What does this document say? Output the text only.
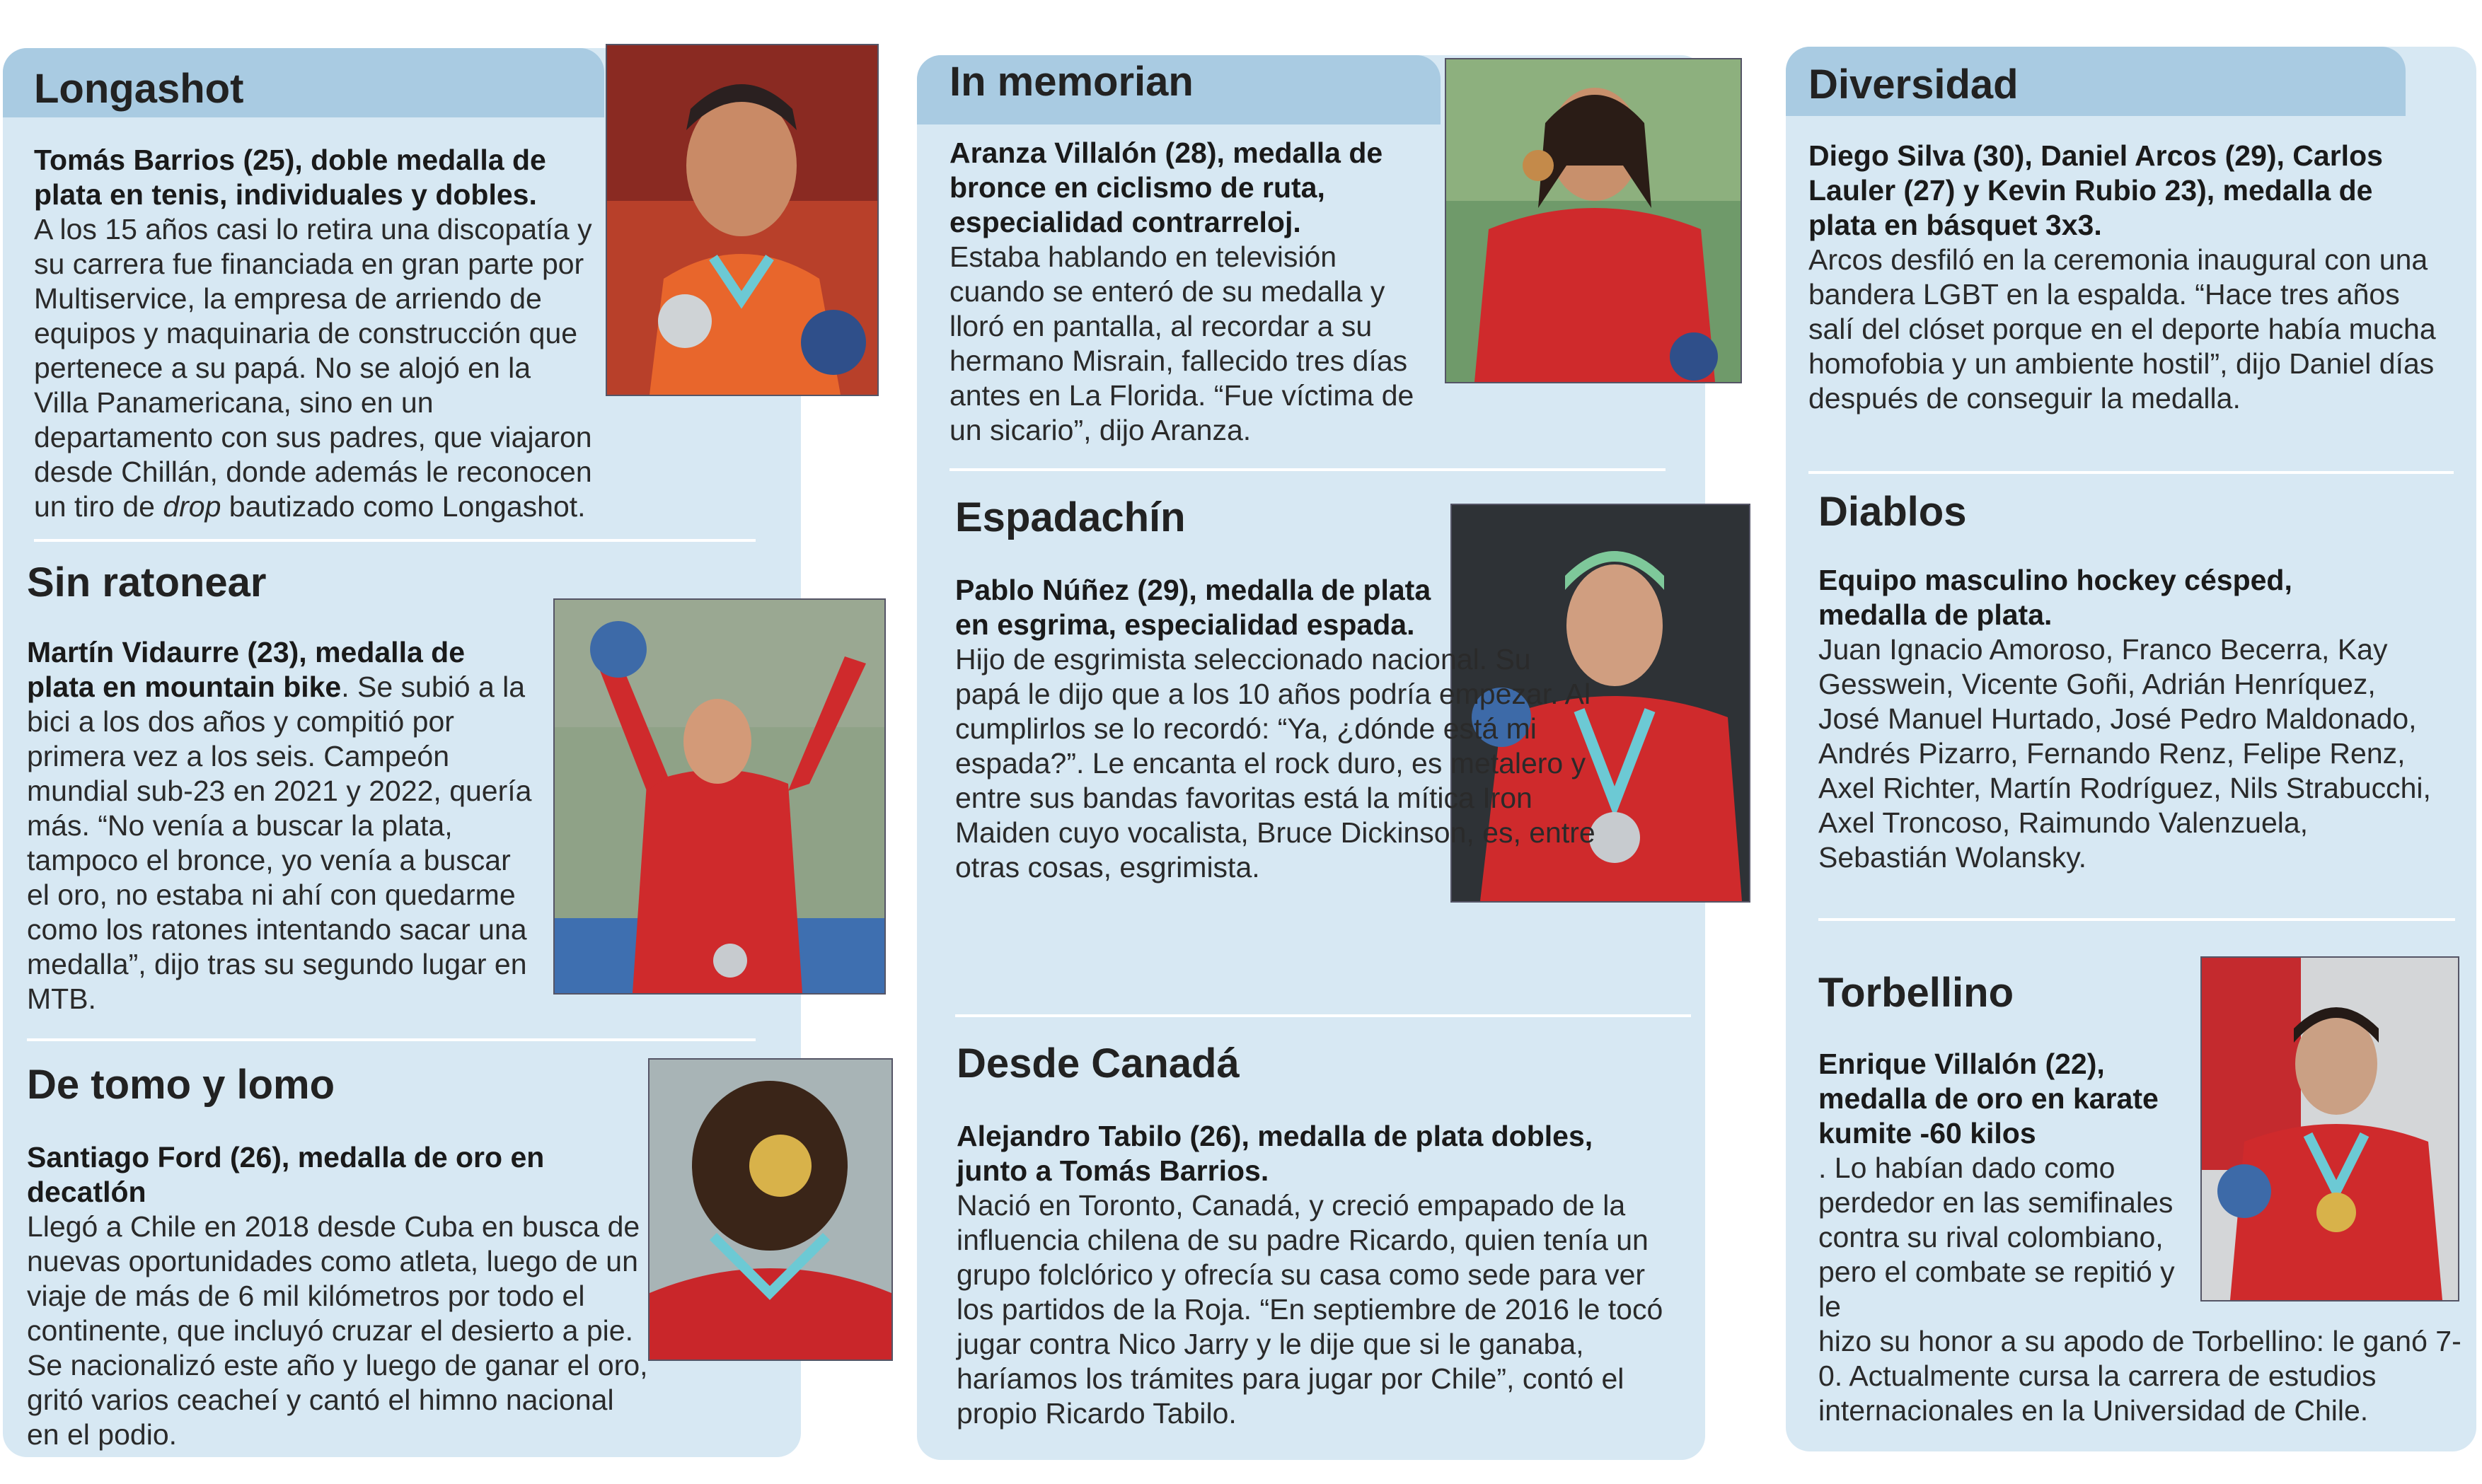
Longashot
Tomás Barrios (25), doble medalla de plata en tenis, individuales y dobles.
A los 15 años casi lo retira una discopatía y su carrera fue financiada en gran parte por Multiservice, la empresa de arriendo de equipos y maquinaria de construcción que pertenece a su papá. No se alojó en la Villa Panamericana, sino en un departamento con sus padres, que viajaron desde Chillán, donde además le reconocen un tiro de drop bautizado como Longashot.
Sin ratonear
Martín Vidaurre (23), medalla de plata en mountain bike. Se subió a la bici a los dos años y compitió por primera vez a los seis. Campeón mundial sub-23 en 2021 y 2022, quería más. “No venía a buscar la plata, tampoco el bronce, yo venía a buscar el oro, no estaba ni ahí con quedarme como los ratones intentando sacar una medalla”, dijo tras su segundo lugar en MTB.
De tomo y lomo
Santiago Ford (26), medalla de oro en decatlón
Llegó a Chile en 2018 desde Cuba en busca de nuevas oportunidades como atleta, luego de un viaje de más de 6 mil kilómetros por todo el continente, que incluyó cruzar el desierto a pie. Se nacionalizó este año y luego de ganar el oro, gritó varios ceacheí y cantó el himno nacional en el podio.
In memorian
Aranza Villalón (28), medalla de bronce en ciclismo de ruta, especialidad contrarreloj.
Estaba hablando en televisión cuando se enteró de su medalla y lloró en pantalla, al recordar a su hermano Misrain, fallecido tres días antes en La Florida. “Fue víctima de un sicario”, dijo Aranza.
Espadachín
Pablo Núñez (29), medalla de plata en esgrima, especialidad espada.
Hijo de esgrimista seleccionado nacional. Su papá le dijo que a los 10 años podría empezar. Al cumplirlos se lo recordó: “Ya, ¿dónde está mi espada?”. Le encanta el rock duro, es metalero y entre sus bandas favoritas está la mítica Iron Maiden cuyo vocalista, Bruce Dickinson, es, entre otras cosas, esgrimista.
Desde Canadá
Alejandro Tabilo (26), medalla de plata dobles, junto a Tomás Barrios.
Nació en Toronto, Canadá, y creció empapado de la influencia chilena de su padre Ricardo, quien tenía un grupo folclórico y ofrecía su casa como sede para ver los partidos de la Roja. “En septiembre de 2016 le tocó jugar contra Nico Jarry y le dije que si le ganaba, haríamos los trámites para jugar por Chile”, contó el propio Ricardo Tabilo.
Diversidad
Diego Silva (30), Daniel Arcos (29), Carlos Lauler (27) y Kevin Rubio 23), medalla de plata en básquet 3x3.
Arcos desfiló en la ceremonia inaugural con una bandera LGBT en la espalda. “Hace tres años salí del clóset porque en el deporte había mucha homofobia y un ambiente hostil”, dijo Daniel días después de conseguir la medalla.
Diablos
Equipo masculino hockey césped, medalla de plata.
Juan Ignacio Amoroso, Franco Becerra, Kay Gesswein, Vicente Goñi, Adrián Henríquez, José Manuel Hurtado, José Pedro Maldonado, Andrés Pizarro, Fernando Renz, Felipe Renz, Axel Richter, Martín Rodríguez, Nils Strabucchi, Axel Troncoso, Raimundo Valenzuela, Sebastián Wolansky.
Torbellino
Enrique Villalón (22), medalla de oro en karate kumite -60 kilos. Lo habían dado como perdedor en las semifinales contra su rival colombiano, pero el combate se repitió y le
hizo su honor a su apodo de Torbellino: le ganó 7-0. Actualmente cursa la carrera de estudios internacionales en la Universidad de Chile.
